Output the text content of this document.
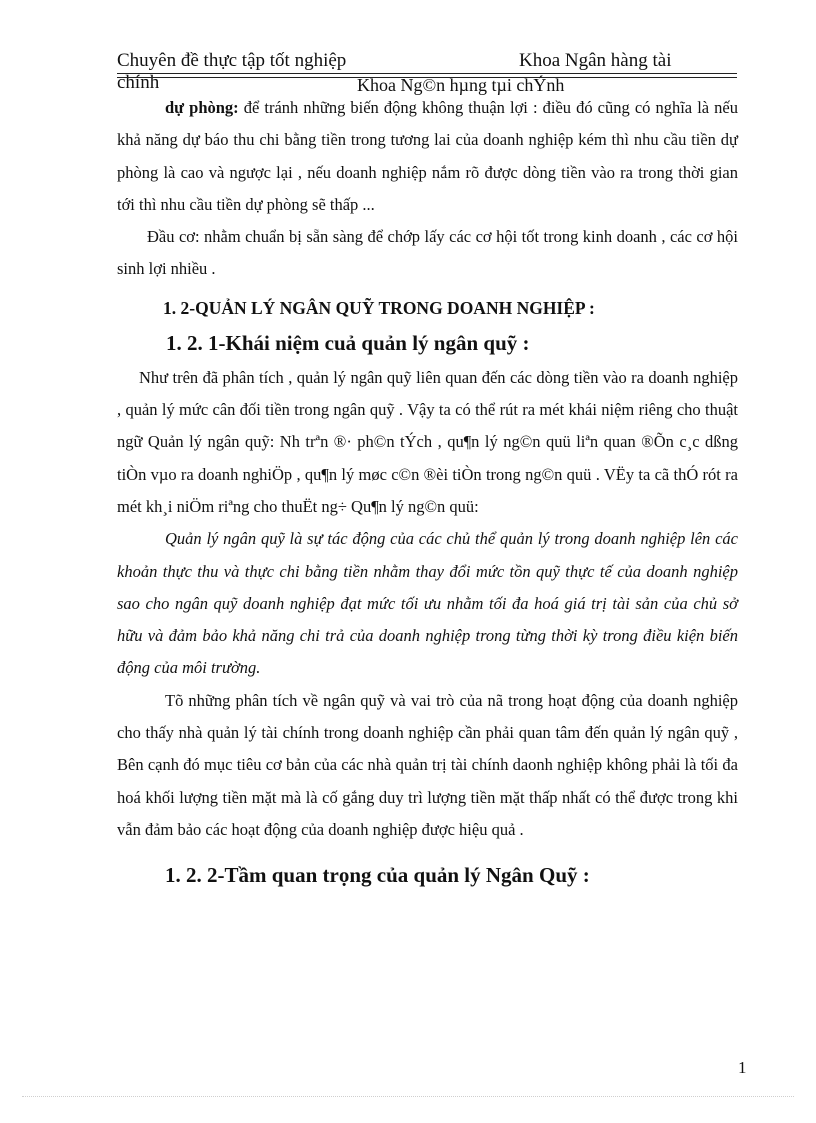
Chuyên đề thực tập tốt nghiệp
chính
Khoa Ngân hàng tài
Khoa Ng©n hµng tµi chÝnh

dự phòng: để tránh những biến động không thuận lợi : điều đó cũng có nghĩa là nếu khả năng dự báo thu chi bằng tiền trong tương lai của doanh nghiệp kém thì nhu cầu tiền dự phòng là cao và ngược lại , nếu doanh nghiệp nắm rõ được dòng tiền vào ra trong thời gian tới thì nhu cầu tiền dự phòng sẽ thấp ...

Đầu cơ: nhằm chuẩn bị sẵn sàng để chớp lấy các cơ hội tốt trong kinh doanh , các cơ hội sinh lợi nhiều .

1. 2-QUẢN LÝ NGÂN QUỸ TRONG DOANH NGHIỆP :
1. 2. 1-Khái niệm cuả quản lý ngân quỹ :

Như trên đã phân tích , quản lý ngân quỹ liên quan đến các dòng tiền vào ra doanh nghiệp , quản lý mức cân đối tiền trong ngân quỹ . Vậy ta có thể rút ra mét khái niệm riêng cho thuật ngữ Quản lý ngân quỹ: Nh trªn ®· ph©n tÝch , qu¶n lý ng©n quü liªn quan ®Õn c¸c dßng tiÒn vµo ra doanh nghiÖp , qu¶n lý møc c©n ®èi tiÒn trong ng©n quü . VËy ta cã thÓ rót ra mét kh¸i niÖm riªng cho thuËt ng÷ Qu¶n lý ng©n quü:

Quản lý ngân quỹ là sự tác động của các chủ thể quản lý trong doanh nghiệp lên các khoản thực thu và thực chi bằng tiền nhằm thay đổi mức tồn quỹ thực tế của doanh nghiệp sao cho ngân quỹ doanh nghiệp đạt mức tối ưu nhằm tối đa hoá giá trị tài sản của chủ sở hữu và đảm bảo khả năng chi trả của doanh nghiệp trong từng thời kỳ trong điều kiện biến động của môi trường.

Tõ những phân tích về ngân quỹ và vai trò của nã trong hoạt động của doanh nghiệp cho thấy nhà quản lý tài chính trong doanh nghiệp cần phải quan tâm đến quản lý ngân quỹ , Bên cạnh đó mục tiêu cơ bản của các nhà quản trị tài chính daonh nghiệp không phải là tối đa hoá khối lượng tiền mặt mà là cố gắng duy trì lượng tiền mặt thấp nhất có thể được trong khi vẫn đảm bảo các hoạt động của doanh nghiệp được hiệu quả .

1. 2. 2-Tầm quan trọng của quản lý Ngân Quỹ :
1
